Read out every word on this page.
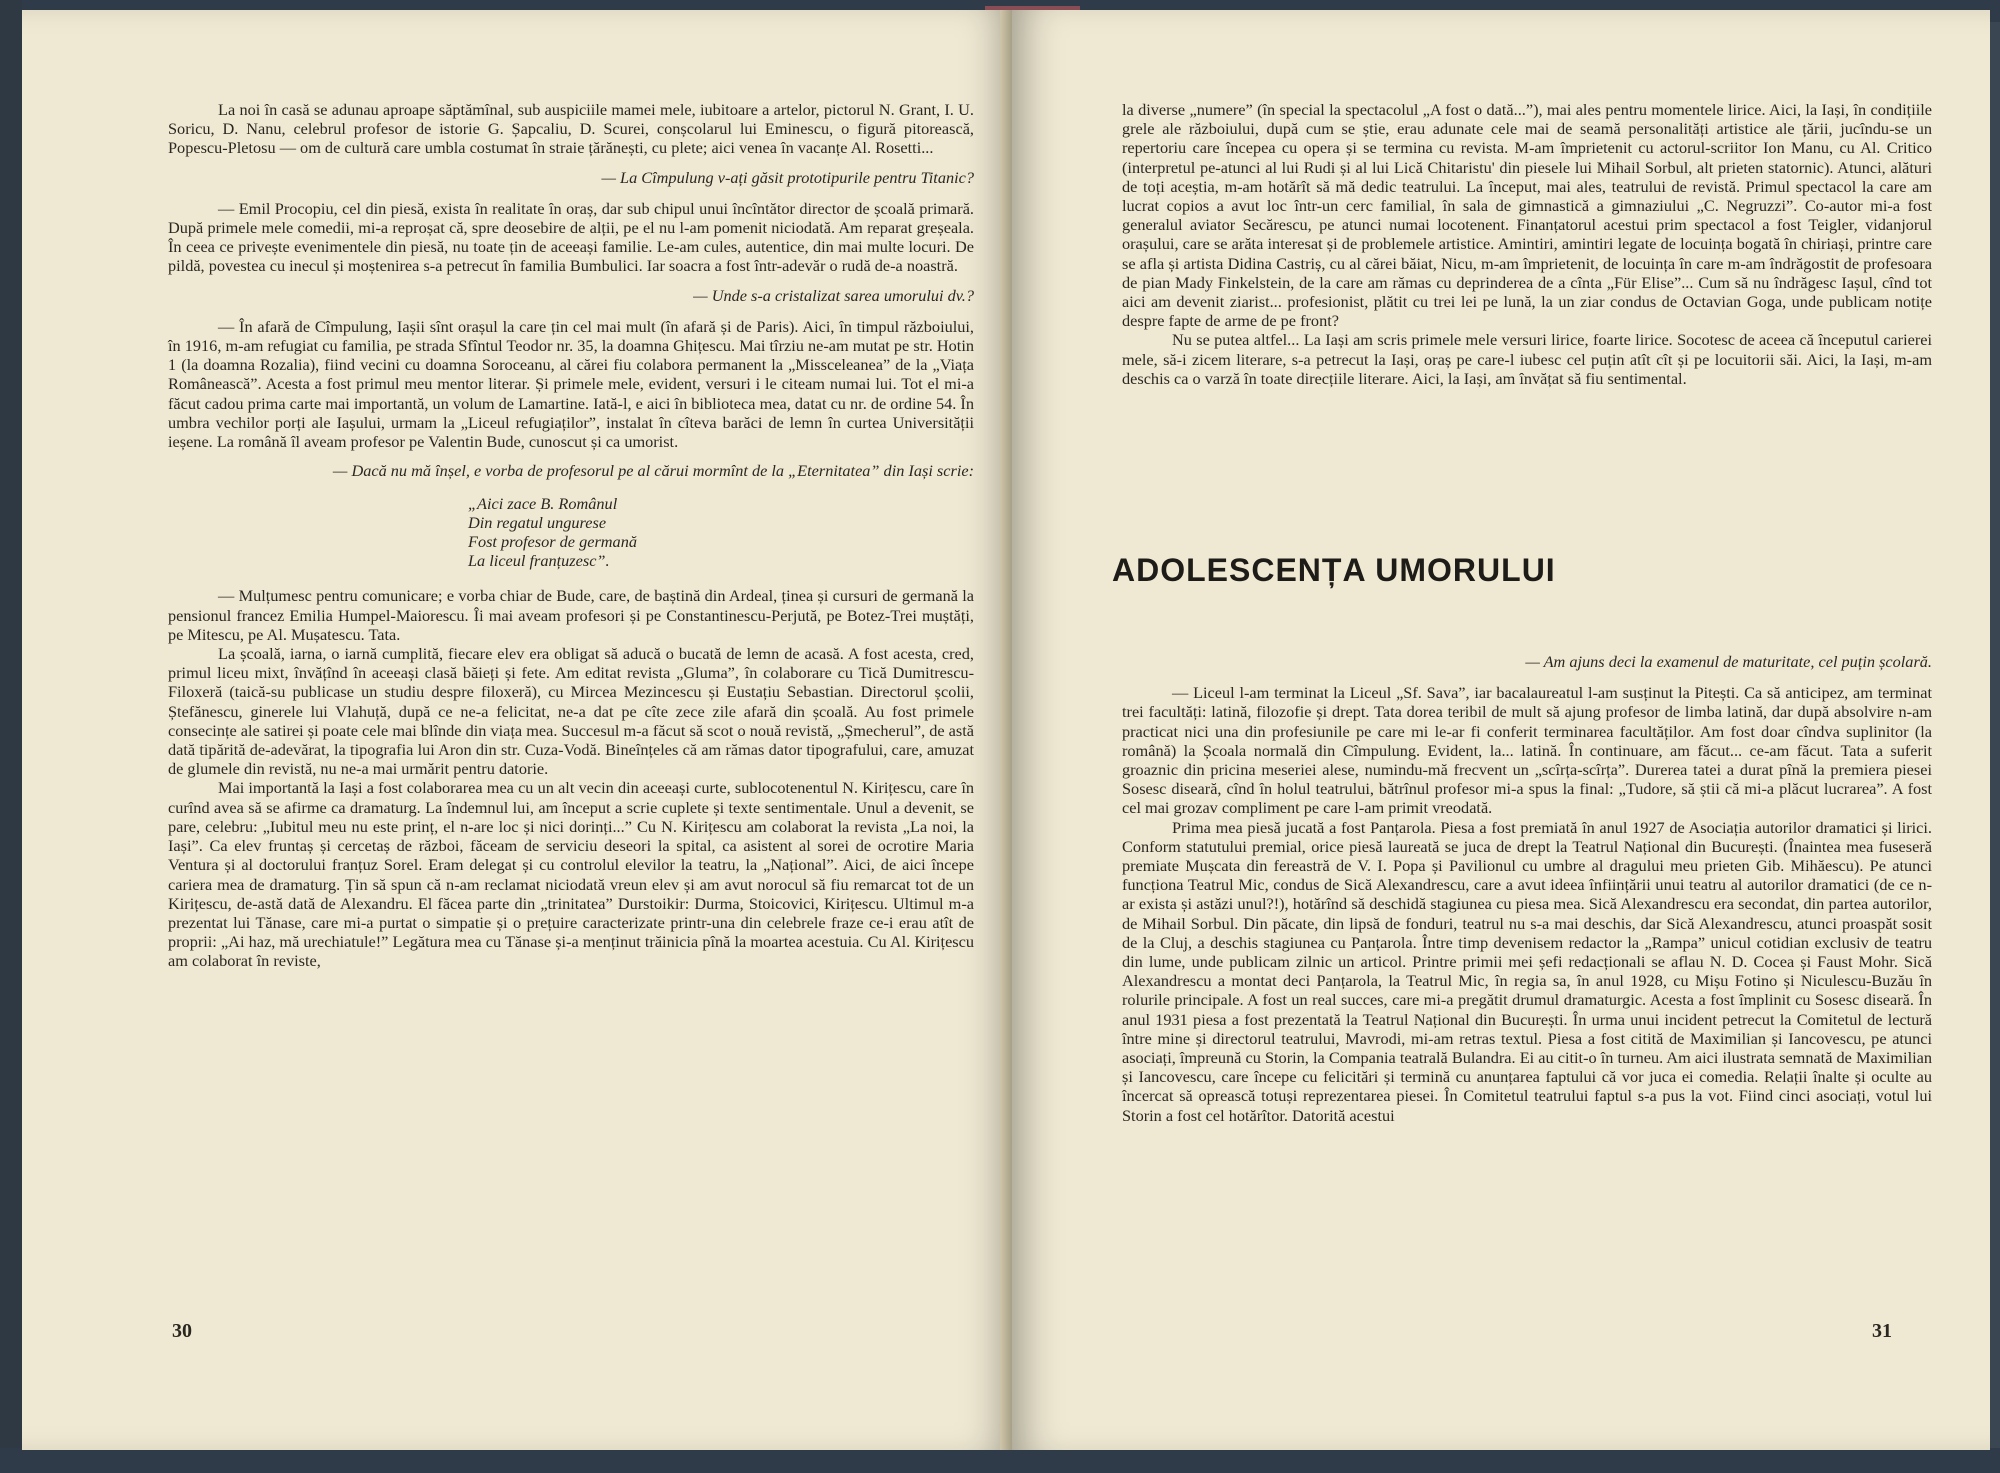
La noi în casă se adunau aproape săptămînal, sub auspiciile mamei mele, iubitoare a artelor, pictorul N. Grant, I. U. Soricu, D. Nanu, celebrul profesor de istorie G. Șapcaliu, D. Scurei, conșcolarul lui Eminescu, o figură pitorească, Popescu-Pletosu — om de cultură care umbla costumat în straie țărănești, cu plete; aici venea în vacanțe Al. Rosetti...

— La Cîmpulung v-ați găsit prototipurile pentru Titanic?

— Emil Procopiu, cel din piesă, exista în realitate în oraș, dar sub chipul unui încîntător director de școală primară. După primele mele comedii, mi-a reproșat că, spre deosebire de alții, pe el nu l-am pomenit niciodată. Am reparat greșeala. În ceea ce privește evenimentele din piesă, nu toate țin de aceeași familie. Le-am cules, autentice, din mai multe locuri. De pildă, povestea cu inecul și moștenirea s-a petrecut în familia Bumbulici. Iar soacra a fost într-adevăr o rudă de-a noastră.

— Unde s-a cristalizat sarea umorului dv.?

— În afară de Cîmpulung, Iașii sînt orașul la care țin cel mai mult (în afară și de Paris). Aici, în timpul războiului, în 1916, m-am refugiat cu familia, pe strada Sfîntul Teodor nr. 35, la doamna Ghițescu. Mai tîrziu ne-am mutat pe str. Hotin 1 (la doamna Rozalia), fiind vecini cu doamna Soroceanu, al cărei fiu colabora permanent la „Missceleanea” de la „Viața Românească”. Acesta a fost primul meu mentor literar. Și primele mele, evident, versuri i le citeam numai lui. Tot el mi-a făcut cadou prima carte mai importantă, un volum de Lamartine. Iată-l, e aici în biblioteca mea, datat cu nr. de ordine 54. În umbra vechilor porți ale Iașului, urmam la „Liceul refugiaților”, instalat în cîteva barăci de lemn în curtea Universității ieșene. La română îl aveam profesor pe Valentin Bude, cunoscut și ca umorist.

— Dacă nu mă înșel, e vorba de profesorul pe al cărui mormînt de la „Eternitatea” din Iași scrie:

„Aici zace B. Românul
Din regatul ungurese
Fost profesor de germană
La liceul franțuzesc”.

— Mulțumesc pentru comunicare; e vorba chiar de Bude, care, de baștină din Ardeal, ținea și cursuri de germană la pensionul francez Emilia Humpel-Maiorescu. Îi mai aveam profesori și pe Constantinescu-Perjută, pe Botez-Trei muștăți, pe Mitescu, pe Al. Mușatescu. Tata.

La școală, iarna, o iarnă cumplită, fiecare elev era obligat să aducă o bucată de lemn de acasă. A fost acesta, cred, primul liceu mixt, învățînd în aceeași clasă băieți și fete. Am editat revista „Gluma”, în colaborare cu Tică Dumitrescu-Filoxeră (taică-su publicase un studiu despre filoxeră), cu Mircea Mezincescu și Eustațiu Sebastian. Directorul școlii, Ștefănescu, ginerele lui Vlahuță, după ce ne-a felicitat, ne-a dat pe cîte zece zile afară din școală. Au fost primele consecințe ale satirei și poate cele mai blînde din viața mea. Succesul m-a făcut să scot o nouă revistă, „Șmecherul”, de astă dată tipărită de-adevărat, la tipografia lui Aron din str. Cuza-Vodă. Bineînțeles că am rămas dator tipografului, care, amuzat de glumele din revistă, nu ne-a mai urmărit pentru datorie.

Mai importantă la Iași a fost colaborarea mea cu un alt vecin din aceeași curte, sublocotenentul N. Kirițescu, care în curînd avea să se afirme ca dramaturg. La îndemnul lui, am început a scrie cuplete și texte sentimentale. Unul a devenit, se pare, celebru: „Iubitul meu nu este prinț, el n-are loc și nici dorinți...” Cu N. Kirițescu am colaborat la revista „La noi, la Iași”. Ca elev fruntaș și cercetaș de război, făceam de serviciu deseori la spital, ca asistent al sorei de ocrotire Maria Ventura și al doctorului franțuz Sorel. Eram delegat și cu controlul elevilor la teatru, la „Național”. Aici, de aici începe cariera mea de dramaturg. Țin să spun că n-am reclamat niciodată vreun elev și am avut norocul să fiu remarcat tot de un Kirițescu, de-astă dată de Alexandru. El făcea parte din „trinitatea” Durstoikir: Durma, Stoicovici, Kirițescu. Ultimul m-a prezentat lui Tănase, care mi-a purtat o simpatie și o prețuire caracterizate printr-una din celebrele fraze ce-i erau atît de proprii: „Ai haz, mă urechiatule!” Legătura mea cu Tănase și-a menținut trăinicia pînă la moartea acestuia. Cu Al. Kirițescu am colaborat în reviste,

30

la diverse „numere” (în special la spectacolul „A fost o dată...”), mai ales pentru momentele lirice. Aici, la Iași, în condițiile grele ale războiului, după cum se știe, erau adunate cele mai de seamă personalități artistice ale țării, jucîndu-se un repertoriu care începea cu opera și se termina cu revista. M-am împrietenit cu actorul-scriitor Ion Manu, cu Al. Critico (interpretul pe-atunci al lui Rudi și al lui Lică Chitaristu' din piesele lui Mihail Sorbul, alt prieten statornic). Atunci, alături de toți aceștia, m-am hotărît să mă dedic teatrului. La început, mai ales, teatrului de revistă. Primul spectacol la care am lucrat copios a avut loc într-un cerc familial, în sala de gimnastică a gimnaziului „C. Negruzzi”. Co-autor mi-a fost generalul aviator Secărescu, pe atunci numai locotenent. Finanțatorul acestui prim spectacol a fost Teigler, vidanjorul orașului, care se arăta interesat și de problemele artistice. Amintiri, amintiri legate de locuința bogată în chiriași, printre care se afla și artista Didina Castriș, cu al cărei băiat, Nicu, m-am împrietenit, de locuința în care m-am îndrăgostit de profesoara de pian Mady Finkelstein, de la care am rămas cu deprinderea de a cînta „Für Elise”... Cum să nu îndrăgesc Iașul, cînd tot aici am devenit ziarist... profesionist, plătit cu trei lei pe lună, la un ziar condus de Octavian Goga, unde publicam notițe despre fapte de arme de pe front?

Nu se putea altfel... La Iași am scris primele mele versuri lirice, foarte lirice. Socotesc de aceea că începutul carierei mele, să-i zicem literare, s-a petrecut la Iași, oraș pe care-l iubesc cel puțin atît cît și pe locuitorii săi. Aici, la Iași, m-am deschis ca o varză în toate direcțiile literare. Aici, la Iași, am învățat să fiu sentimental.

ADOLESCENȚA UMORULUI

— Am ajuns deci la examenul de maturitate, cel puțin școlară.

— Liceul l-am terminat la Liceul „Sf. Sava”, iar bacalaureatul l-am susținut la Pitești. Ca să anticipez, am terminat trei facultăți: latină, filozofie și drept. Tata dorea teribil de mult să ajung profesor de limba latină, dar după absolvire n-am practicat nici una din profesiunile pe care mi le-ar fi conferit terminarea facultăților. Am fost doar cîndva suplinitor (la română) la Școala normală din Cîmpulung. Evident, la... latină. În continuare, am făcut... ce-am făcut. Tata a suferit groaznic din pricina meseriei alese, numindu-mă frecvent un „scîrța-scîrța”. Durerea tatei a durat pînă la premiera piesei Sosesc diseară, cînd în holul teatrului, bătrînul profesor mi-a spus la final: „Tudore, să știi că mi-a plăcut lucrarea”. A fost cel mai grozav compliment pe care l-am primit vreodată.

Prima mea piesă jucată a fost Panțarola. Piesa a fost premiată în anul 1927 de Asociația autorilor dramatici și lirici. Conform statutului premial, orice piesă laureată se juca de drept la Teatrul Național din București. (Înaintea mea fuseseră premiate Mușcata din fereastră de V. I. Popa și Pavilionul cu umbre al dragului meu prieten Gib. Mihăescu). Pe atunci funcționa Teatrul Mic, condus de Sică Alexandrescu, care a avut ideea înființării unui teatru al autorilor dramatici (de ce n-ar exista și astăzi unul?!), hotărînd să deschidă stagiunea cu piesa mea. Sică Alexandrescu era secondat, din partea autorilor, de Mihail Sorbul. Din păcate, din lipsă de fonduri, teatrul nu s-a mai deschis, dar Sică Alexandrescu, atunci proaspăt sosit de la Cluj, a deschis stagiunea cu Panțarola. Între timp devenisem redactor la „Rampa” unicul cotidian exclusiv de teatru din lume, unde publicam zilnic un articol. Printre primii mei șefi redacționali se aflau N. D. Cocea și Faust Mohr. Sică Alexandrescu a montat deci Panțarola, la Teatrul Mic, în regia sa, în anul 1928, cu Mișu Fotino și Niculescu-Buzău în rolurile principale. A fost un real succes, care mi-a pregătit drumul dramaturgic. Acesta a fost împlinit cu Sosesc diseară. În anul 1931 piesa a fost prezentată la Teatrul Național din București. În urma unui incident petrecut la Comitetul de lectură între mine și directorul teatrului, Mavrodi, mi-am retras textul. Piesa a fost citită de Maximilian și Iancovescu, pe atunci asociați, împreună cu Storin, la Compania teatrală Bulandra. Ei au citit-o în turneu. Am aici ilustrata semnată de Maximilian și Iancovescu, care începe cu felicitări și termină cu anunțarea faptului că vor juca ei comedia. Relații înalte și oculte au încercat să oprească totuși reprezentarea piesei. În Comitetul teatrului faptul s-a pus la vot. Fiind cinci asociați, votul lui Storin a fost cel hotărîtor. Datorită acestui

31
